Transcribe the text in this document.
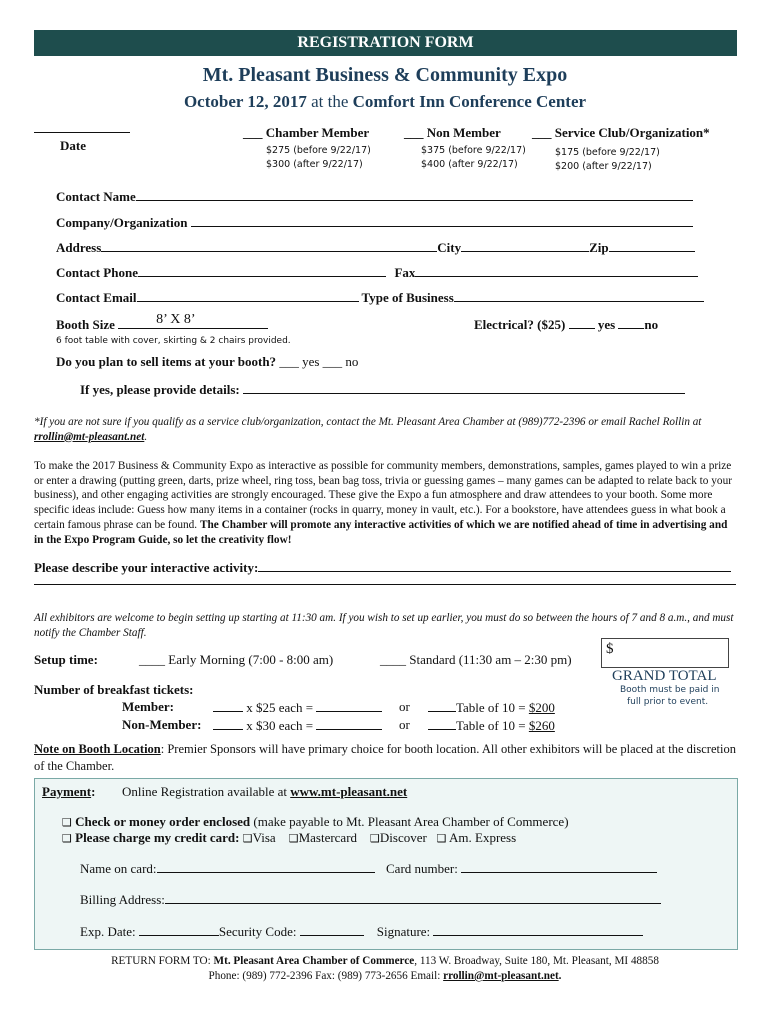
REGISTRATION FORM
Mt. Pleasant Business & Community Expo
October 12, 2017 at the Comfort Inn Conference Center
Date
___ Chamber Member
$275 (before 9/22/17)
$300 (after 9/22/17)
___ Non Member
$375 (before 9/22/17)
$400 (after 9/22/17)
___ Service Club/Organization*
$175 (before 9/22/17)
$200 (after 9/22/17)
Contact Name
Company/Organization
Address	City	Zip
Contact Phone	Fax
Contact Email	Type of Business
Booth Size	8’ X 8’
6 foot table with cover, skirting & 2 chairs provided.
Electrical? ($25)	yes no
Do you plan to sell items at your booth? ___ yes ___ no
If yes, please provide details:
*If you are not sure if you qualify as a service club/organization, contact the Mt. Pleasant Area Chamber at (989)772-2396 or email Rachel Rollin at rrollin@mt-pleasant.net.
To make the 2017 Business & Community Expo as interactive as possible for community members, demonstrations, samples, games played to win a prize or enter a drawing (putting green, darts, prize wheel, ring toss, bean bag toss, trivia or guessing games – many games can be adapted to relate back to your business), and other engaging activities are strongly encouraged. These give the Expo a fun atmosphere and draw attendees to your booth. Some more specific ideas include: Guess how many items in a container (rocks in quarry, money in vault, etc.). For a bookstore, have attendees guess in what book a certain famous phrase can be found. The Chamber will promote any interactive activities of which we are notified ahead of time in advertising and in the Expo Program Guide, so let the creativity flow!
Please describe your interactive activity:
All exhibitors are welcome to begin setting up starting at 11:30 am. If you wish to set up earlier, you must do so between the hours of 7 and 8 a.m., and must notify the Chamber Staff.
Setup time:	____ Early Morning (7:00 - 8:00 am)	____ Standard (11:30 am – 2:30 pm)
$
GRAND TOTAL
Booth must be paid in
full prior to event.
Number of breakfast tickets:
Member:	x $25 each =	or	Table of 10 = $200
Non-Member:	x $30 each =	or	Table of 10 = $260
Note on Booth Location: Premier Sponsors will have primary choice for booth location. All other exhibitors will be placed at the discretion of the Chamber.
Payment: Online Registration available at www.mt-pleasant.net
❑ Check or money order enclosed (make payable to Mt. Pleasant Area Chamber of Commerce)
❑ Please charge my credit card: ❑Visa ❑Mastercard ❑Discover ❑ Am. Express
Name on card:	Card number:
Billing Address:
Exp. Date:	Security Code:	Signature:
RETURN FORM TO: Mt. Pleasant Area Chamber of Commerce, 113 W. Broadway, Suite 180, Mt. Pleasant, MI 48858
Phone: (989) 772-2396 Fax: (989) 773-2656 Email: rrollin@mt-pleasant.net.
